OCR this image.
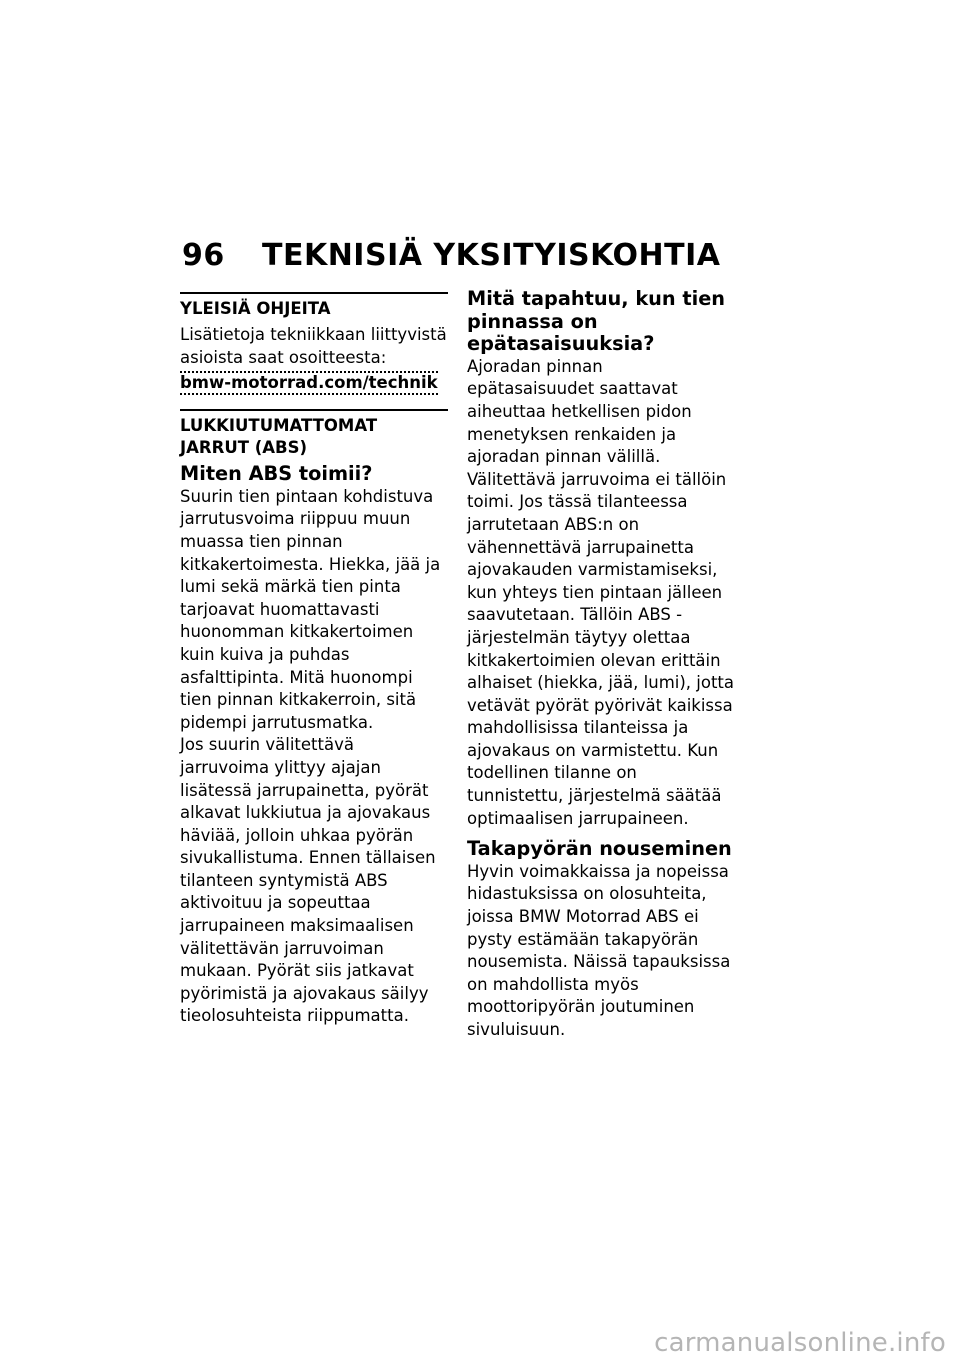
96	TEKNISIÄ YKSITYISKOHTIA
YLEISIÄ OHJEITA

Lisätietoja tekniikkaan liittyvistä asioista saat osoitteesta:

bmw-motorrad.com/technik
LUKKIUTUMATTOMAT JARRUT (ABS)
Miten ABS toimii?

Suurin tien pintaan kohdistuva jarrutusvoima riippuu muun muassa tien pinnan kitkakertoimesta. Hiekka, jää ja lumi sekä märkä tien pinta tarjoavat huomattavasti huonomman kitkakertoimen kuin kuiva ja puhdas asfalttipinta. Mitä huonompi tien pinnan kitkakerroin, sitä pidempi jarrutusmatka.

Jos suurin välitettävä jarruvoima ylittyy ajajan lisätessä jarrupainetta, pyörät alkavat lukkiutua ja ajovakaus häviää, jolloin uhkaa pyörän sivukallistuma. Ennen tällaisen tilanteen syntymistä ABS aktivoituu ja sopeuttaa jarrupaineen maksimaalisen välitettävän jarruvoiman mukaan. Pyörät siis jatkavat pyörimistä ja ajovakaus säilyy tieolosuhteista riippumatta.

Mitä tapahtuu, kun tien pinnassa on epätasaisuuksia?

Ajoradan pinnan epätasaisuudet saattavat aiheuttaa hetkellisen pidon menetyksen renkaiden ja ajoradan pinnan välillä. Välitettävä jarruvoima ei tällöin toimi. Jos tässä tilanteessa jarrutetaan ABS:n on vähennettävä jarrupainetta ajovakauden varmistamiseksi, kun yhteys tien pintaan jälleen saavutetaan. Tällöin ABS -järjestelmän täytyy olettaa kitkakertoimien olevan erittäin alhaiset (hiekka, jää, lumi), jotta vetävät pyörät pyörivät kaikissa mahdollisissa tilanteissa ja ajovakaus on varmistettu. Kun todellinen tilanne on tunnistettu, järjestelmä säätää optimaalisen jarrupaineen.

Takapyörän nouseminen

Hyvin voimakkaissa ja nopeissa hidastuksissa on olosuhteita, joissa BMW Motorrad ABS ei pysty estämään takapyörän nousemista. Näissä tapauksissa on mahdollista myös moottoripyörän joutuminen sivuluisuun.

carmanualsonline.info
